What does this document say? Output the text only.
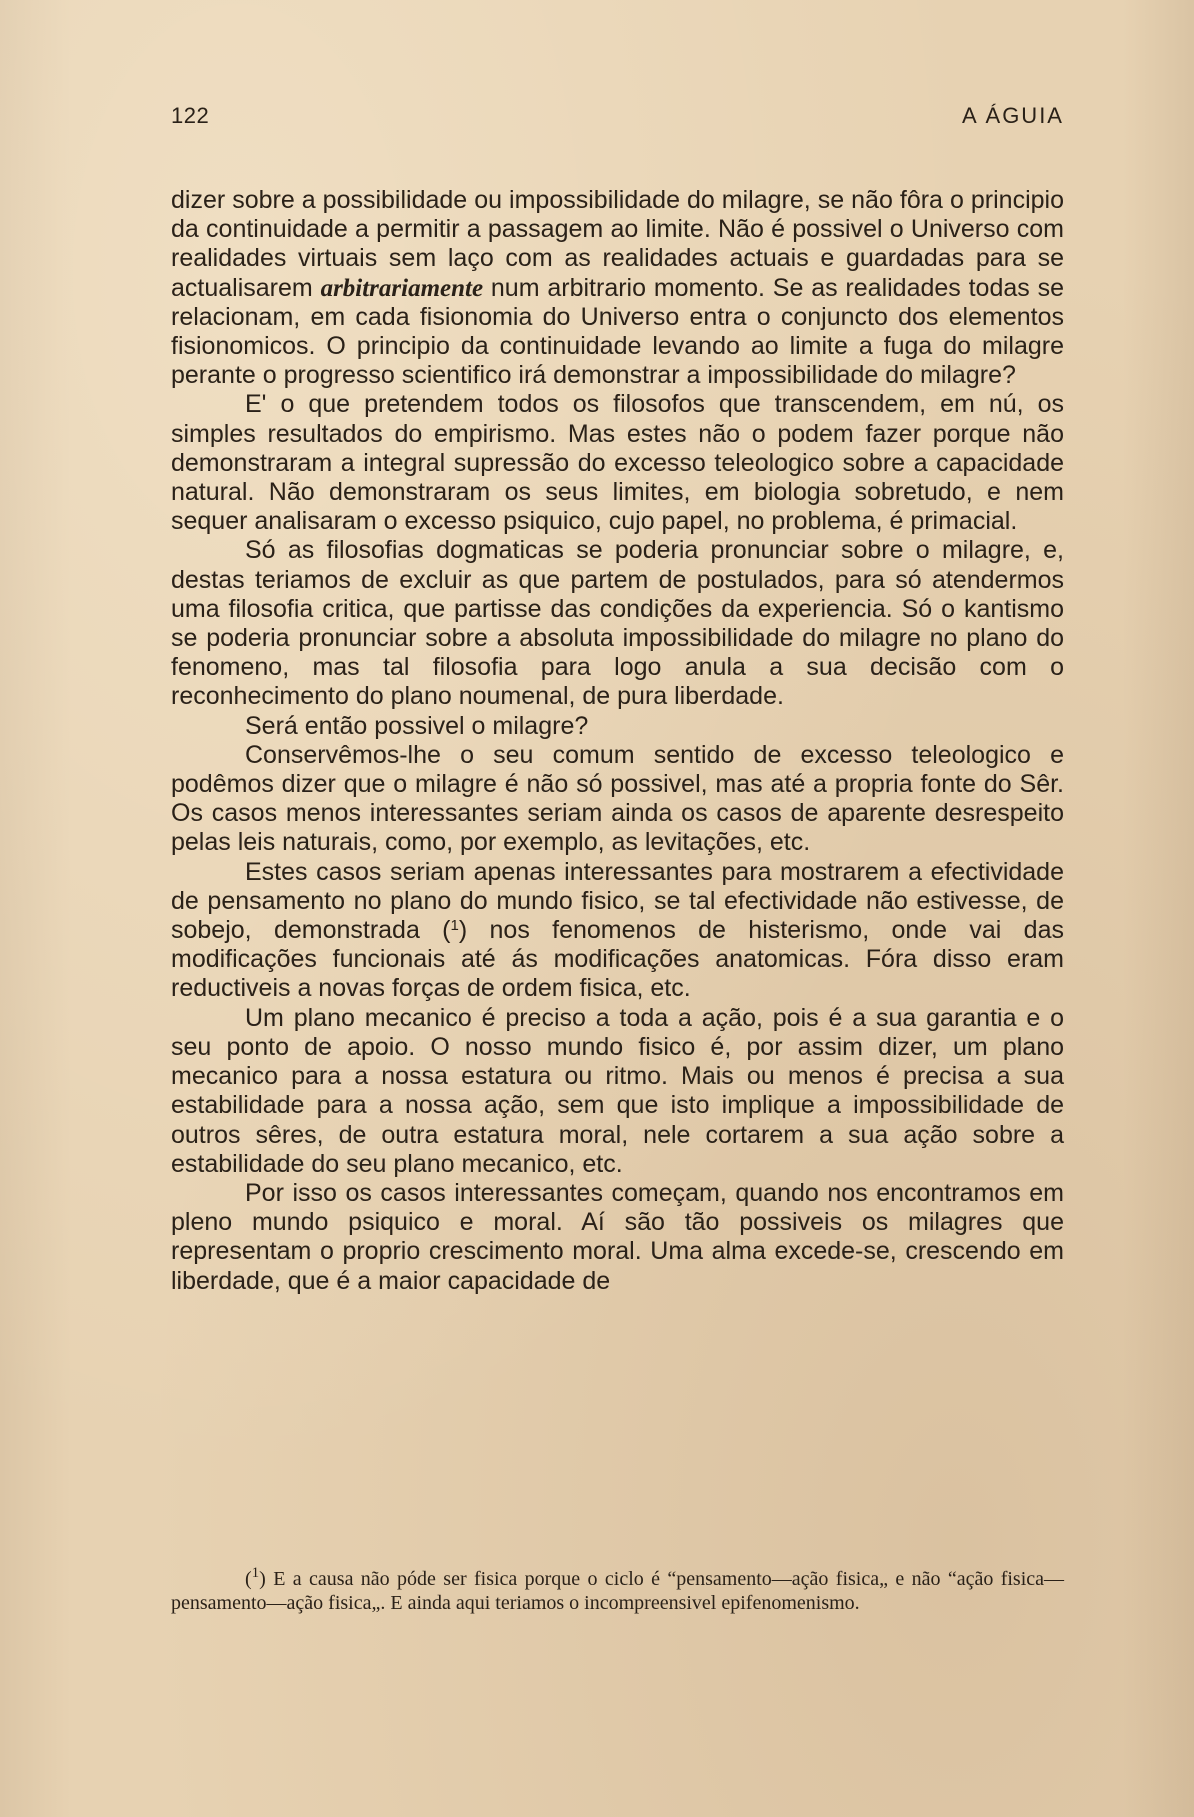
122	A ÁGUIA

dizer sobre a possibilidade ou impossibilidade do milagre, se não fôra o principio da continuidade a permitir a passagem ao limite. Não é possivel o Universo com realidades virtuais sem laço com as realidades actuais e guardadas para se actualisarem arbitrariamente num arbitrario momento. Se as realidades todas se relacionam, em cada fisionomia do Universo entra o conjuncto dos elementos fisionomicos. O principio da continuidade levando ao limite a fuga do milagre perante o progresso scientifico irá demonstrar a impossibilidade do milagre?

E' o que pretendem todos os filosofos que transcendem, em nú, os simples resultados do empirismo. Mas estes não o podem fazer porque não demonstraram a integral supressão do excesso teleologico sobre a capacidade natural. Não demonstraram os seus limites, em biologia sobretudo, e nem sequer analisaram o excesso psiquico, cujo papel, no problema, é primacial.

Só as filosofias dogmaticas se poderia pronunciar sobre o milagre, e, destas teriamos de excluir as que partem de postulados, para só atendermos uma filosofia critica, que partisse das condições da experiencia. Só o kantismo se poderia pronunciar sobre a absoluta impossibilidade do milagre no plano do fenomeno, mas tal filosofia para logo anula a sua decisão com o reconhecimento do plano noumenal, de pura liberdade.

Será então possivel o milagre?

Conservêmos-lhe o seu comum sentido de excesso teleologico e podêmos dizer que o milagre é não só possivel, mas até a propria fonte do Sêr. Os casos menos interessantes seriam ainda os casos de aparente desrespeito pelas leis naturais, como, por exemplo, as levitações, etc.

Estes casos seriam apenas interessantes para mostrarem a efectividade de pensamento no plano do mundo fisico, se tal efectividade não estivesse, de sobejo, demonstrada ($^1$) nos fenomenos de histerismo, onde vai das modificações funcionais até ás modificações anatomicas. Fóra disso eram reductiveis a novas forças de ordem fisica, etc.

Um plano mecanico é preciso a toda a ação, pois é a sua garantia e o seu ponto de apoio. O nosso mundo fisico é, por assim dizer, um plano mecanico para a nossa estatura ou ritmo. Mais ou menos é precisa a sua estabilidade para a nossa ação, sem que isto implique a impossibilidade de outros sêres, de outra estatura moral, nele cortarem a sua ação sobre a estabilidade do seu plano mecanico, etc.

Por isso os casos interessantes começam, quando nos encontramos em pleno mundo psiquico e moral. Aí são tão possiveis os milagres que representam o proprio crescimento moral. Uma alma excede-se, crescendo em liberdade, que é a maior capacidade de

($^1$) E a causa não póde ser fisica porque o ciclo é “pensamento—ação fisica„ e não “ação fisica—pensamento—ação fisica„. E ainda aqui teriamos o incompreensivel epifenomenismo.
